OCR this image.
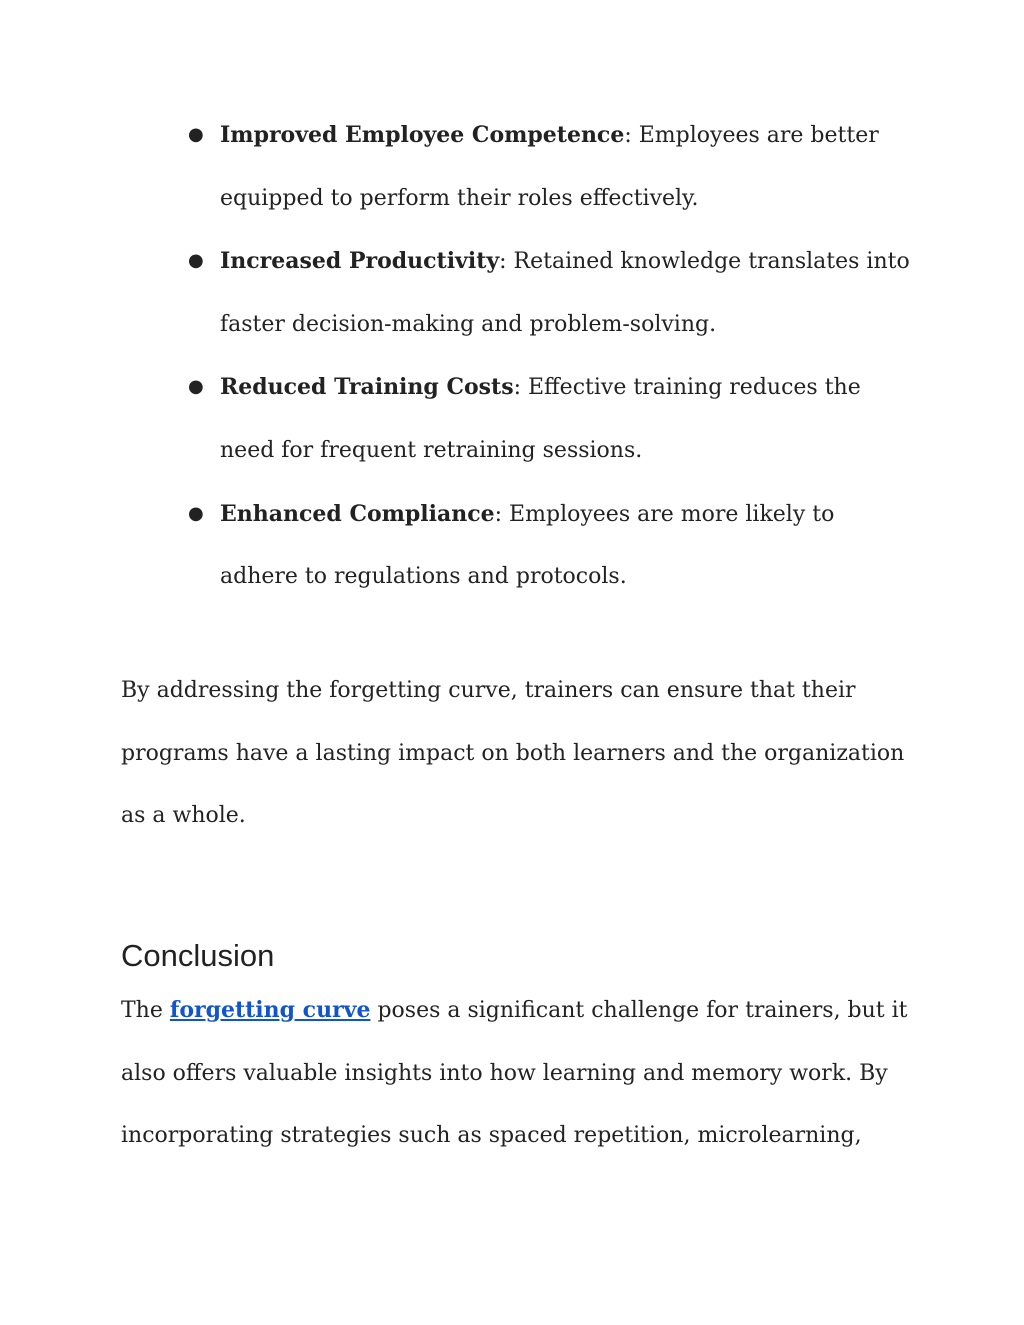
● Improved Employee Competence: Employees are better equipped to perform their roles effectively.
● Increased Productivity: Retained knowledge translates into faster decision-making and problem-solving.
● Reduced Training Costs: Effective training reduces the need for frequent retraining sessions.
● Enhanced Compliance: Employees are more likely to adhere to regulations and protocols.

By addressing the forgetting curve, trainers can ensure that their programs have a lasting impact on both learners and the organization as a whole.

Conclusion

The forgetting curve poses a significant challenge for trainers, but it also offers valuable insights into how learning and memory work. By incorporating strategies such as spaced repetition, microlearning,
